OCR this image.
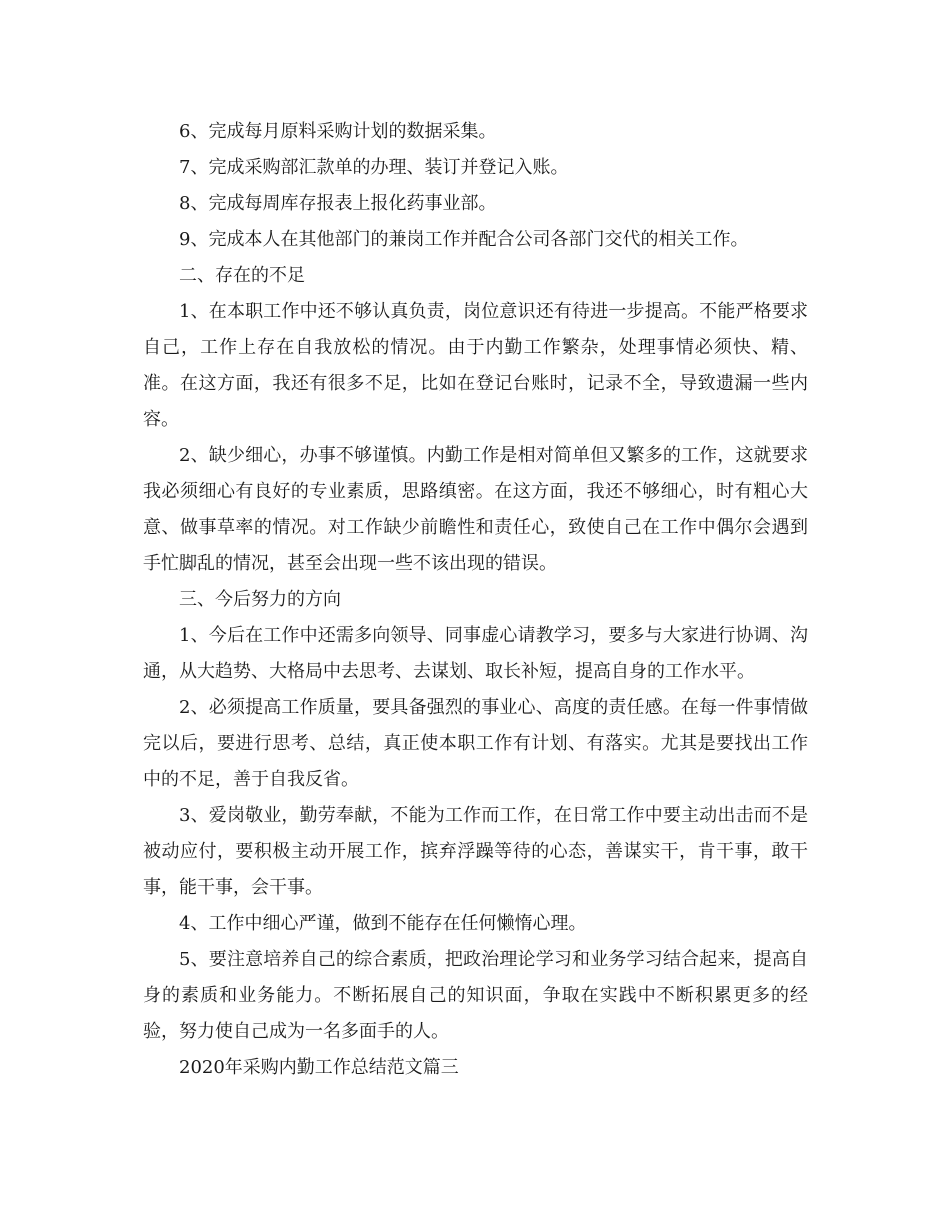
6、完成每月原料采购计划的数据采集。

7、完成采购部汇款单的办理、装订并登记入账。

8、完成每周库存报表上报化药事业部。

9、完成本人在其他部门的兼岗工作并配合公司各部门交代的相关工作。

二、存在的不足

1、在本职工作中还不够认真负责，岗位意识还有待进一步提高。不能严格要求自己，工作上存在自我放松的情况。由于内勤工作繁杂，处理事情必须快、精、准。在这方面，我还有很多不足，比如在登记台账时，记录不全，导致遗漏一些内容。

2、缺少细心，办事不够谨慎。内勤工作是相对简单但又繁多的工作，这就要求我必须细心有良好的专业素质，思路缜密。在这方面，我还不够细心，时有粗心大意、做事草率的情况。对工作缺少前瞻性和责任心，致使自己在工作中偶尔会遇到手忙脚乱的情况，甚至会出现一些不该出现的错误。

三、今后努力的方向

1、今后在工作中还需多向领导、同事虚心请教学习，要多与大家进行协调、沟通，从大趋势、大格局中去思考、去谋划、取长补短，提高自身的工作水平。

2、必须提高工作质量，要具备强烈的事业心、高度的责任感。在每一件事情做完以后，要进行思考、总结，真正使本职工作有计划、有落实。尤其是要找出工作中的不足，善于自我反省。

3、爱岗敬业，勤劳奉献，不能为工作而工作，在日常工作中要主动出击而不是被动应付，要积极主动开展工作，摈弃浮躁等待的心态，善谋实干，肯干事，敢干事，能干事，会干事。

4、工作中细心严谨，做到不能存在任何懒惰心理。

5、要注意培养自己的综合素质，把政治理论学习和业务学习结合起来，提高自身的素质和业务能力。不断拓展自己的知识面，争取在实践中不断积累更多的经验，努力使自己成为一名多面手的人。

2020年采购内勤工作总结范文篇三
